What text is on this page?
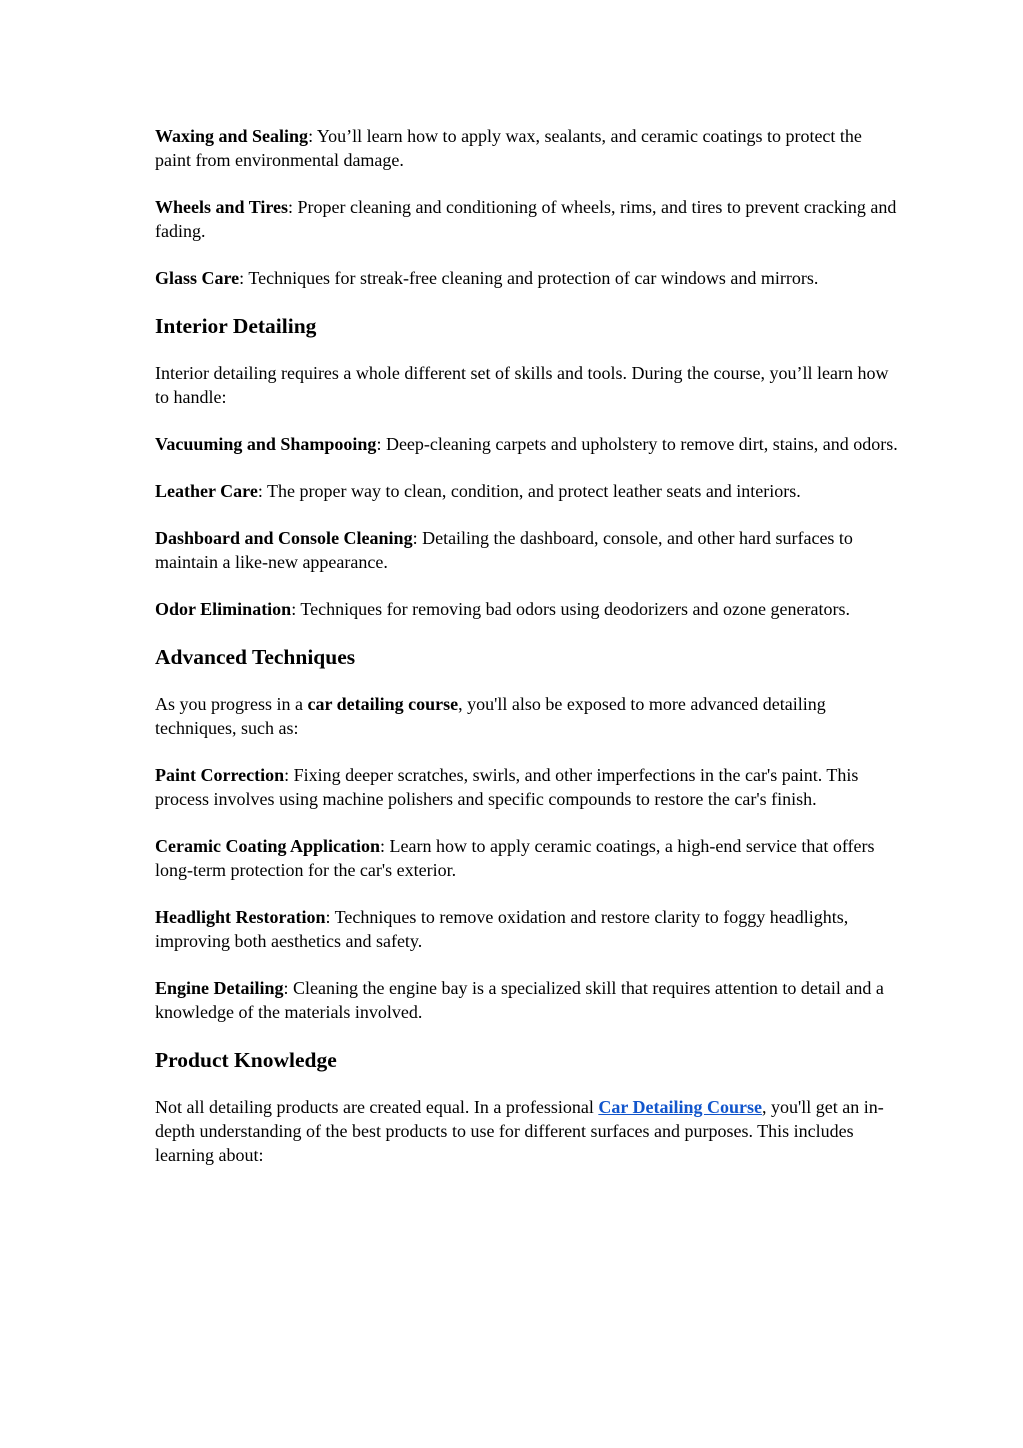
Waxing and Sealing: You’ll learn how to apply wax, sealants, and ceramic coatings to protect the paint from environmental damage.

Wheels and Tires: Proper cleaning and conditioning of wheels, rims, and tires to prevent cracking and fading.

Glass Care: Techniques for streak-free cleaning and protection of car windows and mirrors.

Interior Detailing

Interior detailing requires a whole different set of skills and tools. During the course, you’ll learn how to handle:

Vacuuming and Shampooing: Deep-cleaning carpets and upholstery to remove dirt, stains, and odors.

Leather Care: The proper way to clean, condition, and protect leather seats and interiors.

Dashboard and Console Cleaning: Detailing the dashboard, console, and other hard surfaces to maintain a like-new appearance.

Odor Elimination: Techniques for removing bad odors using deodorizers and ozone generators.

Advanced Techniques

As you progress in a car detailing course, you'll also be exposed to more advanced detailing techniques, such as:

Paint Correction: Fixing deeper scratches, swirls, and other imperfections in the car's paint. This process involves using machine polishers and specific compounds to restore the car's finish.

Ceramic Coating Application: Learn how to apply ceramic coatings, a high-end service that offers long-term protection for the car's exterior.

Headlight Restoration: Techniques to remove oxidation and restore clarity to foggy headlights, improving both aesthetics and safety.

Engine Detailing: Cleaning the engine bay is a specialized skill that requires attention to detail and a knowledge of the materials involved.

Product Knowledge

Not all detailing products are created equal. In a professional Car Detailing Course, you'll get an in-depth understanding of the best products to use for different surfaces and purposes. This includes learning about:
